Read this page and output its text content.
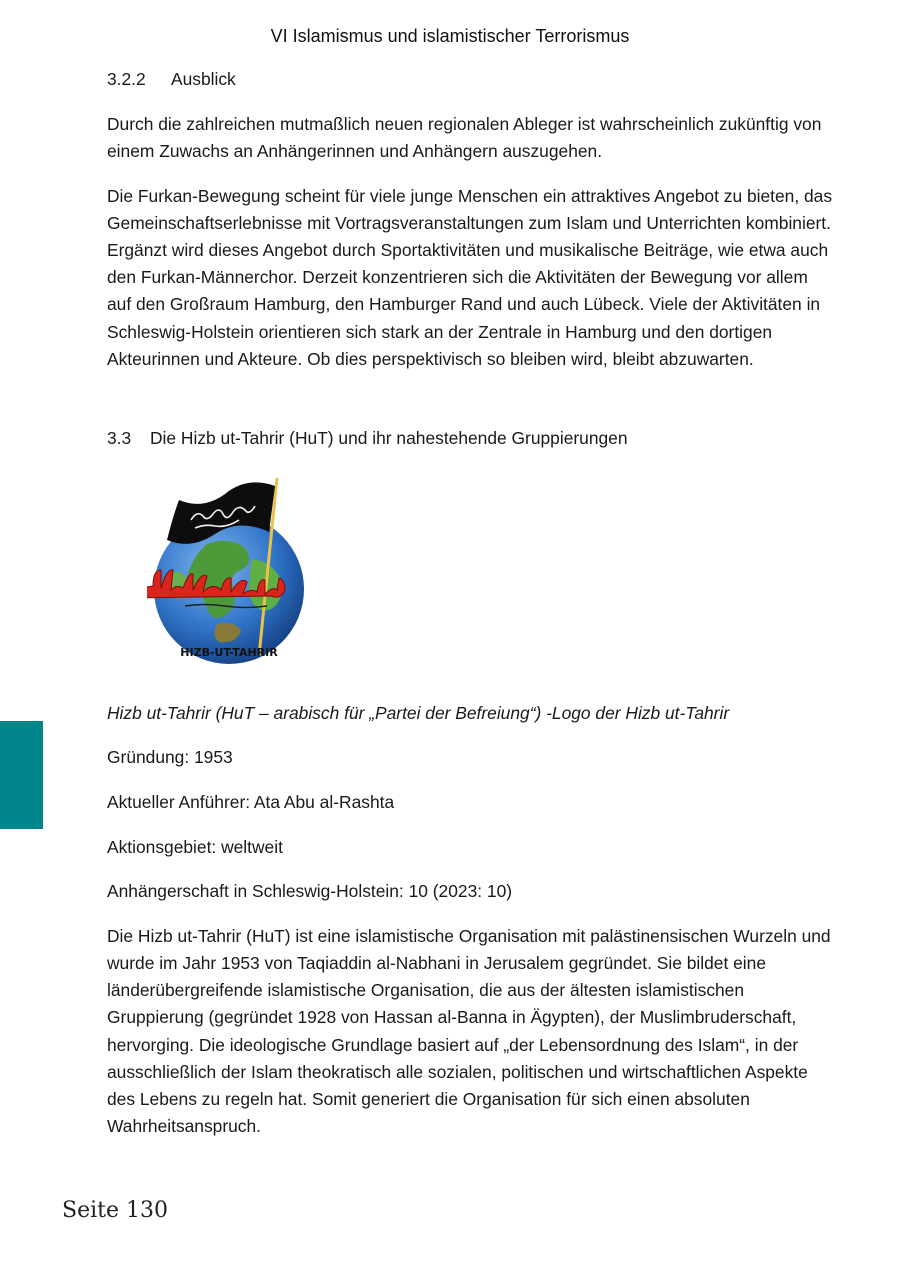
VI Islamismus und islamistischer Terrorismus

3.2.2	Ausblick

Durch die zahlreichen mutmaßlich neuen regionalen Ableger ist wahrscheinlich zukünftig von einem Zuwachs an Anhängerinnen und Anhängern auszugehen.

Die Furkan-Bewegung scheint für viele junge Menschen ein attraktives Angebot zu bieten, das Gemeinschaftserlebnisse mit Vortragsveranstaltungen zum Islam und Unterrichten kombiniert. Ergänzt wird dieses Angebot durch Sportaktivitäten und musikalische Beiträge, wie etwa auch den Furkan-Männerchor. Derzeit konzentrieren sich die Aktivitäten der Bewegung vor allem auf den Großraum Hamburg, den Hamburger Rand und auch Lübeck. Viele der Aktivitäten in Schleswig-Holstein orientieren sich stark an der Zentrale in Hamburg und den dortigen Akteurinnen und Akteure. Ob dies perspektivisch so bleiben wird, bleibt abzuwarten.

3.3	Die Hizb ut-Tahrir (HuT) und ihr nahestehende Gruppierungen

HIZB-UT-TAHRIR

Hizb ut-Tahrir (HuT – arabisch für „Partei der Befreiung“) -Logo der Hizb ut-Tahrir

Gründung: 1953

Aktueller Anführer: Ata Abu al-Rashta

Aktionsgebiet: weltweit

Anhängerschaft in Schleswig-Holstein: 10 (2023: 10)

Die Hizb ut-Tahrir (HuT) ist eine islamistische Organisation mit palästinensischen Wurzeln und wurde im Jahr 1953 von Taqiaddin al-Nabhani in Jerusalem gegründet. Sie bildet eine länderübergreifende islamistische Organisation, die aus der ältesten islamistischen Gruppierung (gegründet 1928 von Hassan al-Banna in Ägypten), der Muslimbruderschaft, hervorging. Die ideologische Grundlage basiert auf „der Lebensordnung des Islam“, in der ausschließlich der Islam theokratisch alle sozialen, politischen und wirtschaftlichen Aspekte des Lebens zu regeln hat. Somit generiert die Organisation für sich einen absoluten Wahrheitsanspruch.

Seite 130
